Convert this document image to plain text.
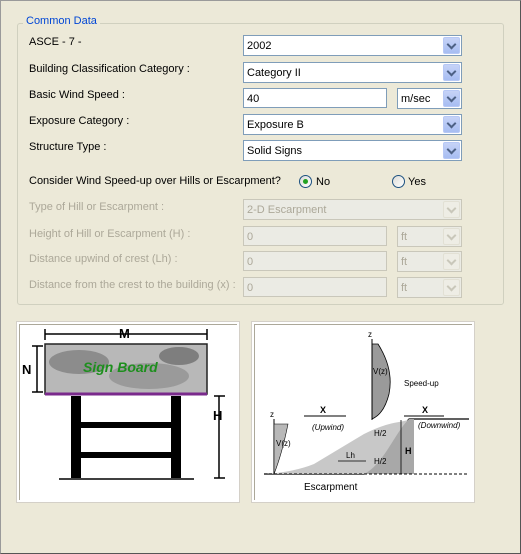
Common Data
ASCE - 7 -	2002
Building Classification Category :	Category II
Basic Wind Speed :	40	m/sec
Exposure Category :	Exposure B
Structure Type :	Solid Signs
Consider Wind Speed-up over Hills or Escarpment?	No	Yes
Type of Hill or Escarpment :	2-D Escarpment
Height of Hill or Escarpment (H) :	0	ft
Distance upwind of crest (Lh) :	0	ft
Distance from the crest to the building (x) : 0	ft
M
N	Sign Board
H
z
V(z)
Speed-up
z
V(z)
X
(Upwind)
X
(Downwind)
H/2
H/2
H
Lh
Escarpment
